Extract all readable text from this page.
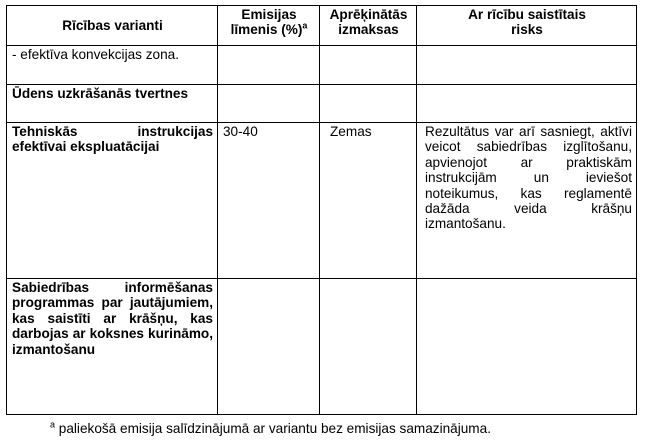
Rīcības varianti	Emisijas līmenis (%)$^a$	Aprēķinātās izmaksas	Ar rīcību saistītais risks

- efektīva konvekcijas zona.			
Ūdens uzkrāšanās tvertnes			
Tehniskās instrukcijas efektīvai ekspluatācijai	30-40	Zemas	Rezultātus var arī sasniegt, aktīvi veicot sabiedrības izglītošanu, apvienojot ar praktiskām instrukcijām un ieviešot noteikumus, kas reglamentē dažāda veida krāšņu izmantošanu.
Sabiedrības informēšanas programmas par jautājumiem, kas saistīti ar krāšņu, kas darbojas ar koksnes kurināmo, izmantošanu			
$^a$ paliekošā emisija salīdzinājumā ar variantu bez emisijas samazinājuma.
